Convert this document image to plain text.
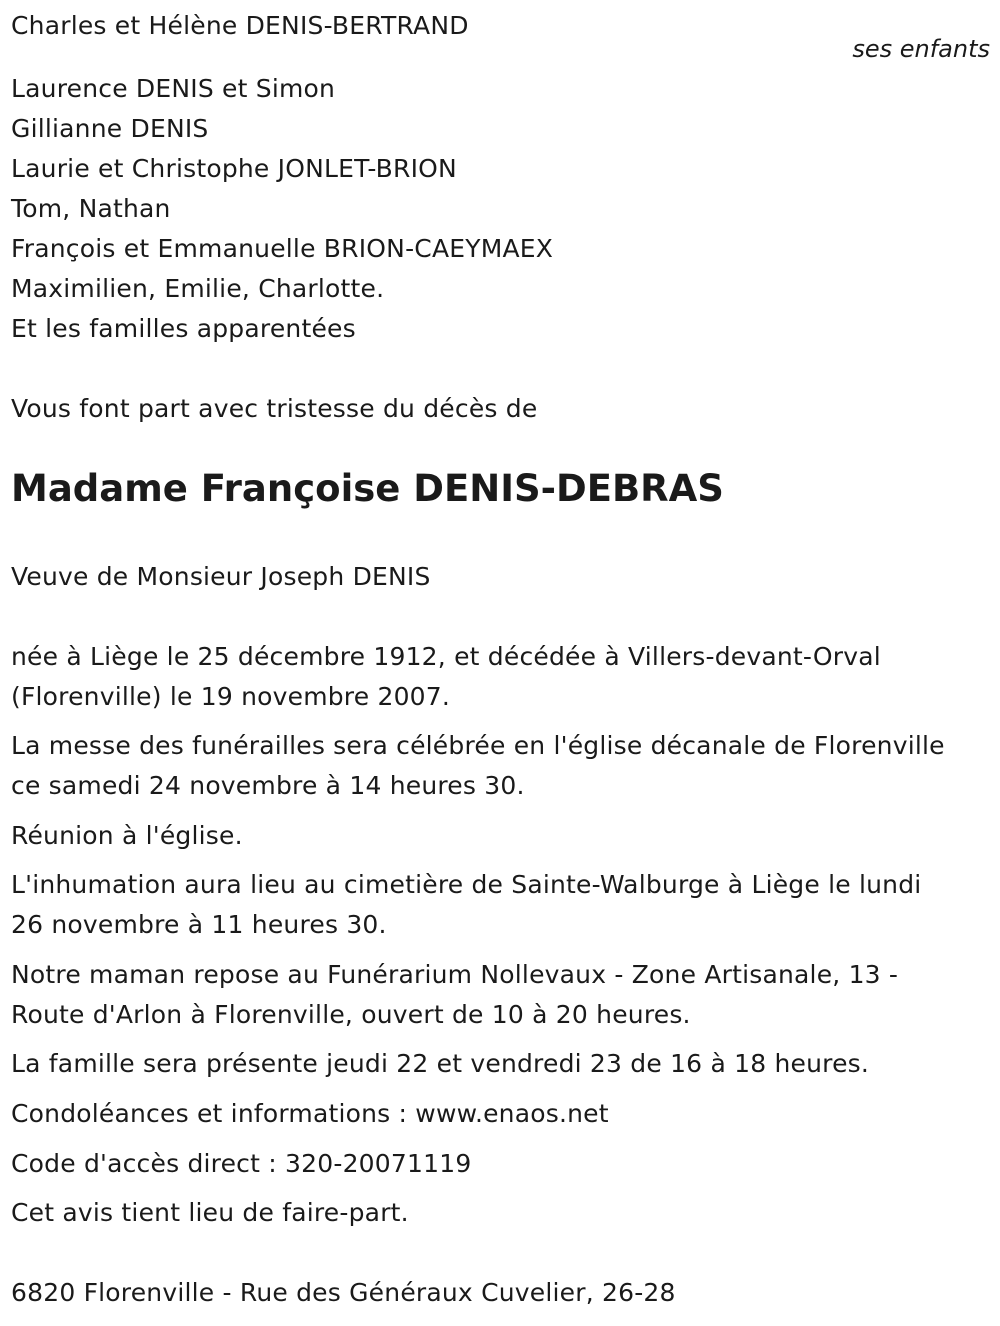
Charles et Hélène DENIS-BERTRAND
ses enfants
Laurence DENIS et Simon
Gillianne DENIS
Laurie et Christophe JONLET-BRION
Tom, Nathan
François et Emmanuelle BRION-CAEYMAEX
Maximilien, Emilie, Charlotte.
Et les familles apparentées
Vous font part avec tristesse du décès de
Madame Françoise DENIS-DEBRAS
Veuve de Monsieur Joseph DENIS
née à Liège le 25 décembre 1912, et décédée à Villers-devant-Orval
(Florenville) le 19 novembre 2007.
La messe des funérailles sera célébrée en l'église décanale de Florenville
ce samedi 24 novembre à 14 heures 30.
Réunion à l'église.
L'inhumation aura lieu au cimetière de Sainte-Walburge à Liège le lundi
26 novembre à 11 heures 30.
Notre maman repose au Funérarium Nollevaux - Zone Artisanale, 13 -
Route d'Arlon à Florenville, ouvert de 10 à 20 heures.
La famille sera présente jeudi 22 et vendredi 23 de 16 à 18 heures.
Condoléances et informations : www.enaos.net
Code d'accès direct : 320-20071119
Cet avis tient lieu de faire-part.
6820 Florenville - Rue des Généraux Cuvelier, 26-28
